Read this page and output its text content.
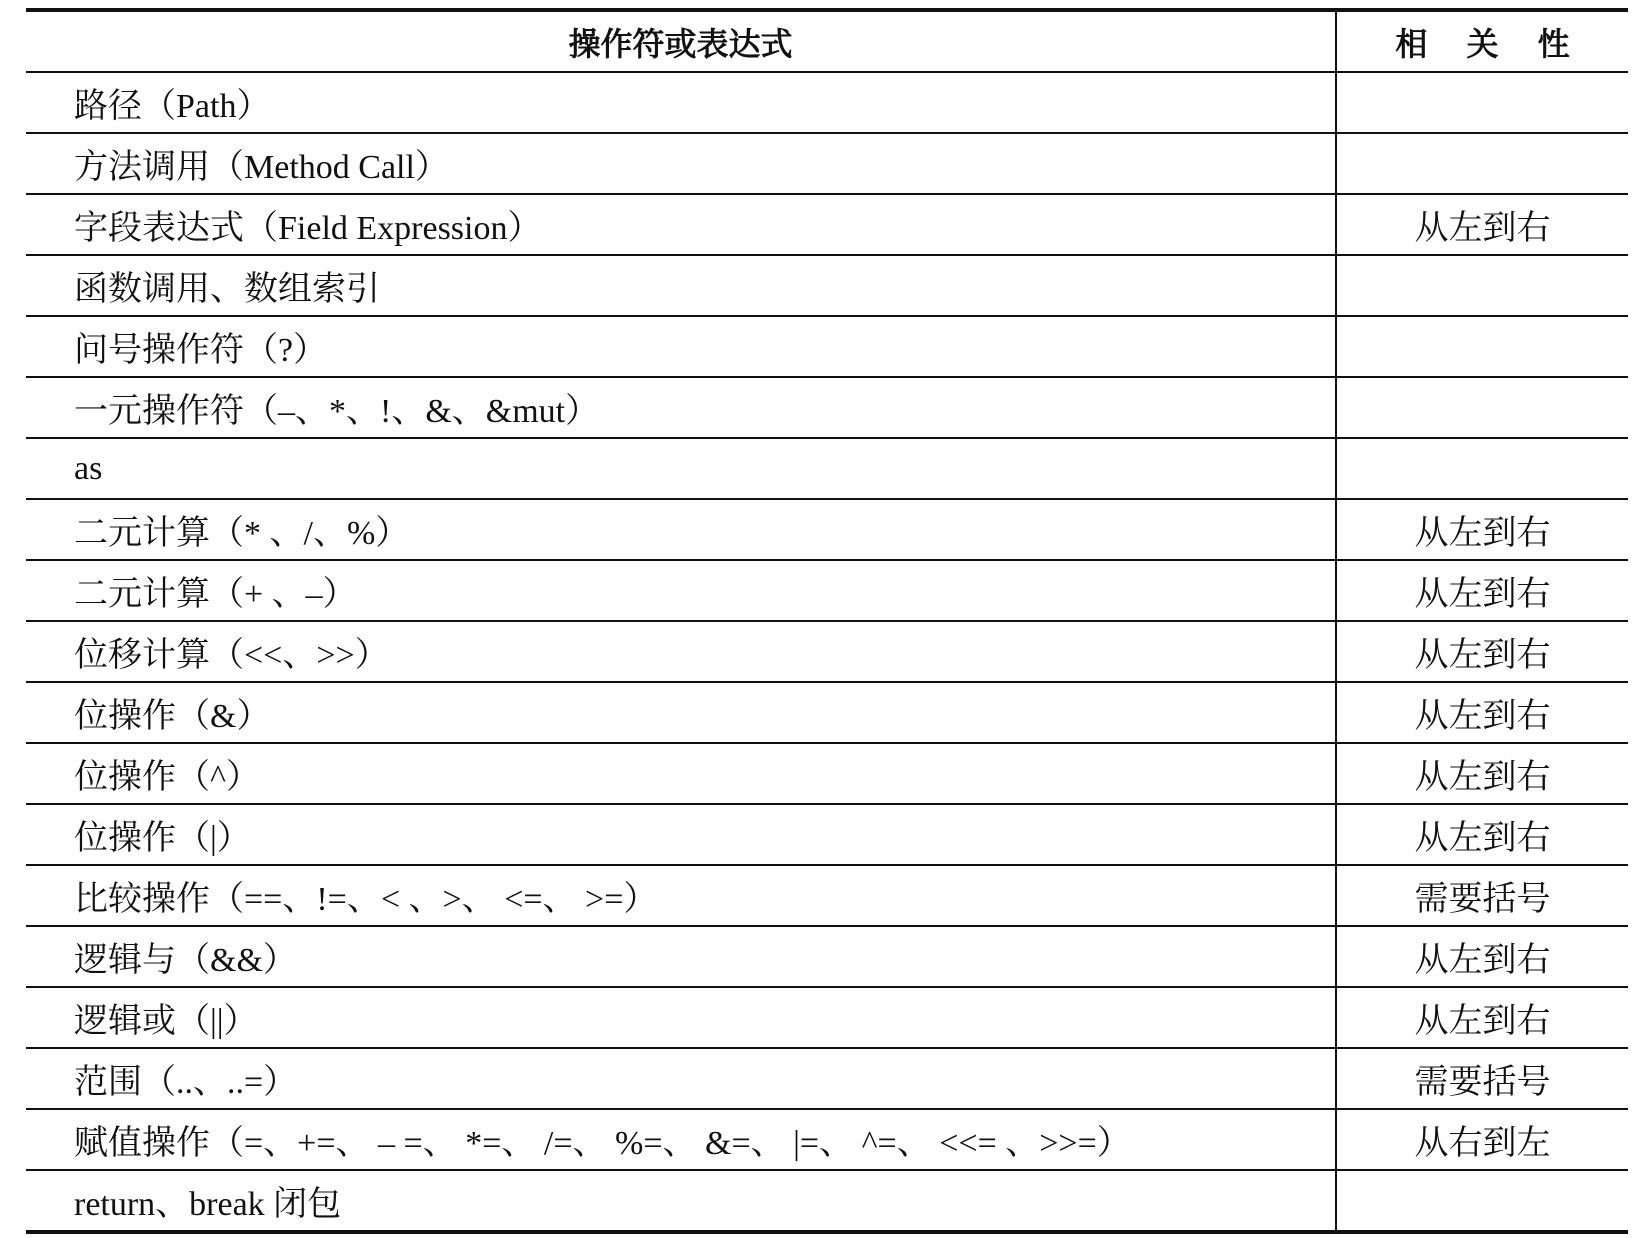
操作符或表达式	相 关 性
路径（Path）	
方法调用（Method Call）	
字段表达式（Field Expression）	从左到右
函数调用、数组索引	
问号操作符（?）	
一元操作符（–、*、!、&、&mut）	
as	
二元计算（* 、/、%）	从左到右
二元计算（+ 、–）	从左到右
位移计算（<<、>>）	从左到右
位操作（&）	从左到右
位操作（^）	从左到右
位操作（|）	从左到右
比较操作（==、!=、< 、>、 <=、 >=）	需要括号
逻辑与（&&）	从左到右
逻辑或（||）	从左到右
范围（..、..=）	需要括号
赋值操作（=、+=、 – =、 *=、 /=、 %=、 &=、 |=、 ^=、 <<= 、>>=）	从右到左
return、break 闭包	
